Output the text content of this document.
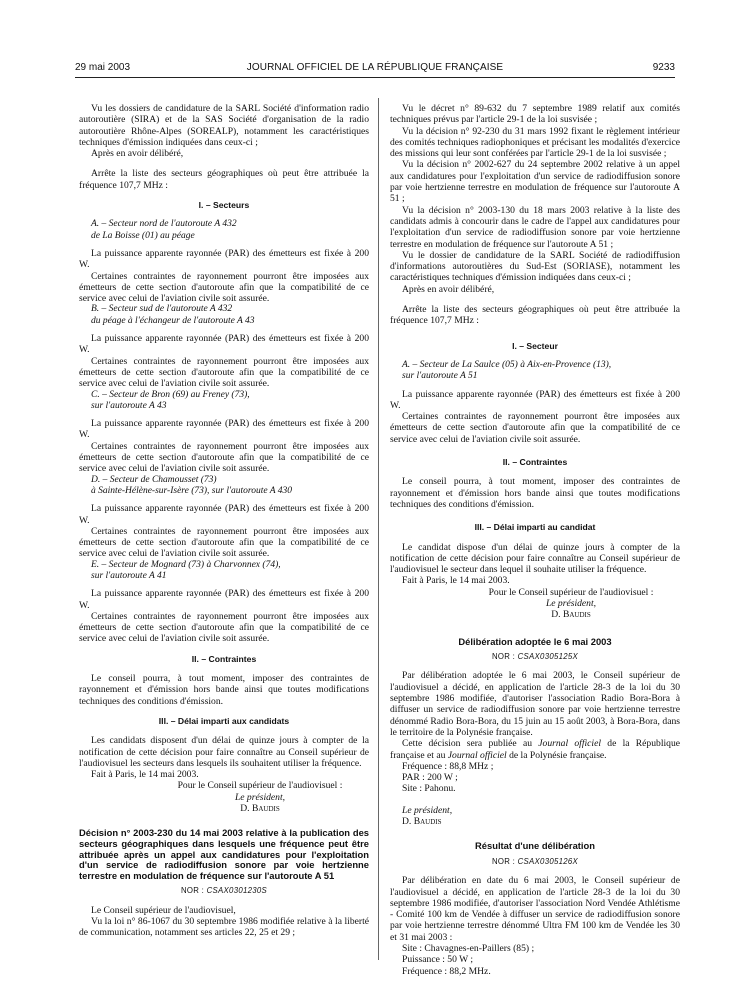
29 mai 2003	JOURNAL OFFICIEL DE LA RÉPUBLIQUE FRANÇAISE	9233

Vu les dossiers de candidature de la SARL Société d'information radio autoroutière (SIRA) et de la SAS Société d'organisation de la radio autoroutière Rhône-Alpes (SOREALP), notamment les caractéristiques techniques d'émission indiquées dans ceux-ci ;

Après en avoir délibéré,

Arrête la liste des secteurs géographiques où peut être attribuée la fréquence 107,7 MHz :

I. – Secteurs

A. – Secteur nord de l'autoroute A 432

de La Boisse (01) au péage

La puissance apparente rayonnée (PAR) des émetteurs est fixée à 200 W.

Certaines contraintes de rayonnement pourront être imposées aux émetteurs de cette section d'autoroute afin que la compatibilité de ce service avec celui de l'aviation civile soit assurée.

B. – Secteur sud de l'autoroute A 432

du péage à l'échangeur de l'autoroute A 43

La puissance apparente rayonnée (PAR) des émetteurs est fixée à 200 W.

Certaines contraintes de rayonnement pourront être imposées aux émetteurs de cette section d'autoroute afin que la compatibilité de ce service avec celui de l'aviation civile soit assurée.

C. – Secteur de Bron (69) au Freney (73),

sur l'autoroute A 43

La puissance apparente rayonnée (PAR) des émetteurs est fixée à 200 W.

Certaines contraintes de rayonnement pourront être imposées aux émetteurs de cette section d'autoroute afin que la compatibilité de ce service avec celui de l'aviation civile soit assurée.

D. – Secteur de Chamousset (73)

à Sainte-Hélène-sur-Isère (73), sur l'autoroute A 430

La puissance apparente rayonnée (PAR) des émetteurs est fixée à 200 W.

Certaines contraintes de rayonnement pourront être imposées aux émetteurs de cette section d'autoroute afin que la compatibilité de ce service avec celui de l'aviation civile soit assurée.

E. – Secteur de Mognard (73) à Charvonnex (74),

sur l'autoroute A 41

La puissance apparente rayonnée (PAR) des émetteurs est fixée à 200 W.

Certaines contraintes de rayonnement pourront être imposées aux émetteurs de cette section d'autoroute afin que la compatibilité de ce service avec celui de l'aviation civile soit assurée.

II. – Contraintes

Le conseil pourra, à tout moment, imposer des contraintes de rayonnement et d'émission hors bande ainsi que toutes modifications techniques des conditions d'émission.

III. – Délai imparti aux candidats

Les candidats disposent d'un délai de quinze jours à compter de la notification de cette décision pour faire connaître au Conseil supérieur de l'audiovisuel les secteurs dans lesquels ils souhaitent utiliser la fréquence.

Fait à Paris, le 14 mai 2003.

Pour le Conseil supérieur de l'audiovisuel :

Le président,

D. Baudis

Décision n° 2003-230 du 14 mai 2003 relative à la publication des secteurs géographiques dans lesquels une fréquence peut être attribuée après un appel aux candidatures pour l'exploitation d'un service de radiodiffusion sonore par voie hertzienne terrestre en modulation de fréquence sur l'autoroute A 51
NOR : CSAX0301230S

Le Conseil supérieur de l'audiovisuel,

Vu la loi n° 86-1067 du 30 septembre 1986 modifiée relative à la liberté de communication, notamment ses articles 22, 25 et 29 ;

Vu le décret n° 89-632 du 7 septembre 1989 relatif aux comités techniques prévus par l'article 29-1 de la loi susvisée ;

Vu la décision n° 92-230 du 31 mars 1992 fixant le règlement intérieur des comités techniques radiophoniques et précisant les modalités d'exercice des missions qui leur sont conférées par l'article 29-1 de la loi susvisée ;

Vu la décision n° 2002-627 du 24 septembre 2002 relative à un appel aux candidatures pour l'exploitation d'un service de radiodiffusion sonore par voie hertzienne terrestre en modulation de fréquence sur l'autoroute A 51 ;

Vu la décision n° 2003-130 du 18 mars 2003 relative à la liste des candidats admis à concourir dans le cadre de l'appel aux candidatures pour l'exploitation d'un service de radiodiffusion sonore par voie hertzienne terrestre en modulation de fréquence sur l'autoroute A 51 ;

Vu le dossier de candidature de la SARL Société de radiodiffusion d'informations autoroutières du Sud-Est (SORIASE), notamment les caractéristiques techniques d'émission indiquées dans ceux-ci ;

Après en avoir délibéré,

Arrête la liste des secteurs géographiques où peut être attribuée la fréquence 107,7 MHz :

I. – Secteur

A. – Secteur de La Saulce (05) à Aix-en-Provence (13),

sur l'autoroute A 51

La puissance apparente rayonnée (PAR) des émetteurs est fixée à 200 W.

Certaines contraintes de rayonnement pourront être imposées aux émetteurs de cette section d'autoroute afin que la compatibilité de ce service avec celui de l'aviation civile soit assurée.

II. – Contraintes

Le conseil pourra, à tout moment, imposer des contraintes de rayonnement et d'émission hors bande ainsi que toutes modifications techniques des conditions d'émission.

III. – Délai imparti au candidat

Le candidat dispose d'un délai de quinze jours à compter de la notification de cette décision pour faire connaître au Conseil supérieur de l'audiovisuel le secteur dans lequel il souhaite utiliser la fréquence.

Fait à Paris, le 14 mai 2003.

Pour le Conseil supérieur de l'audiovisuel :

Le président,

D. Baudis

Délibération adoptée le 6 mai 2003
NOR : CSAX0305125X

Par délibération adoptée le 6 mai 2003, le Conseil supérieur de l'audiovisuel a décidé, en application de l'article 28-3 de la loi du 30 septembre 1986 modifiée, d'autoriser l'association Radio Bora-Bora à diffuser un service de radiodiffusion sonore par voie hertzienne terrestre dénommé Radio Bora-Bora, du 15 juin au 15 août 2003, à Bora-Bora, dans le territoire de la Polynésie française.

Cette décision sera publiée au Journal officiel de la République française et au Journal officiel de la Polynésie française.

Fréquence : 88,8 MHz ;

PAR : 200 W ;

Site : Pahonu.

Le président,

D. Baudis

Résultat d'une délibération
NOR : CSAX0305126X

Par délibération en date du 6 mai 2003, le Conseil supérieur de l'audiovisuel a décidé, en application de l'article 28-3 de la loi du 30 septembre 1986 modifiée, d'autoriser l'association Nord Vendée Athlétisme - Comité 100 km de Vendée à diffuser un service de radiodiffusion sonore par voie hertzienne terrestre dénommé Ultra FM 100 km de Vendée les 30 et 31 mai 2003 :

Site : Chavagnes-en-Paillers (85) ;

Puissance : 50 W ;

Fréquence : 88,2 MHz.
